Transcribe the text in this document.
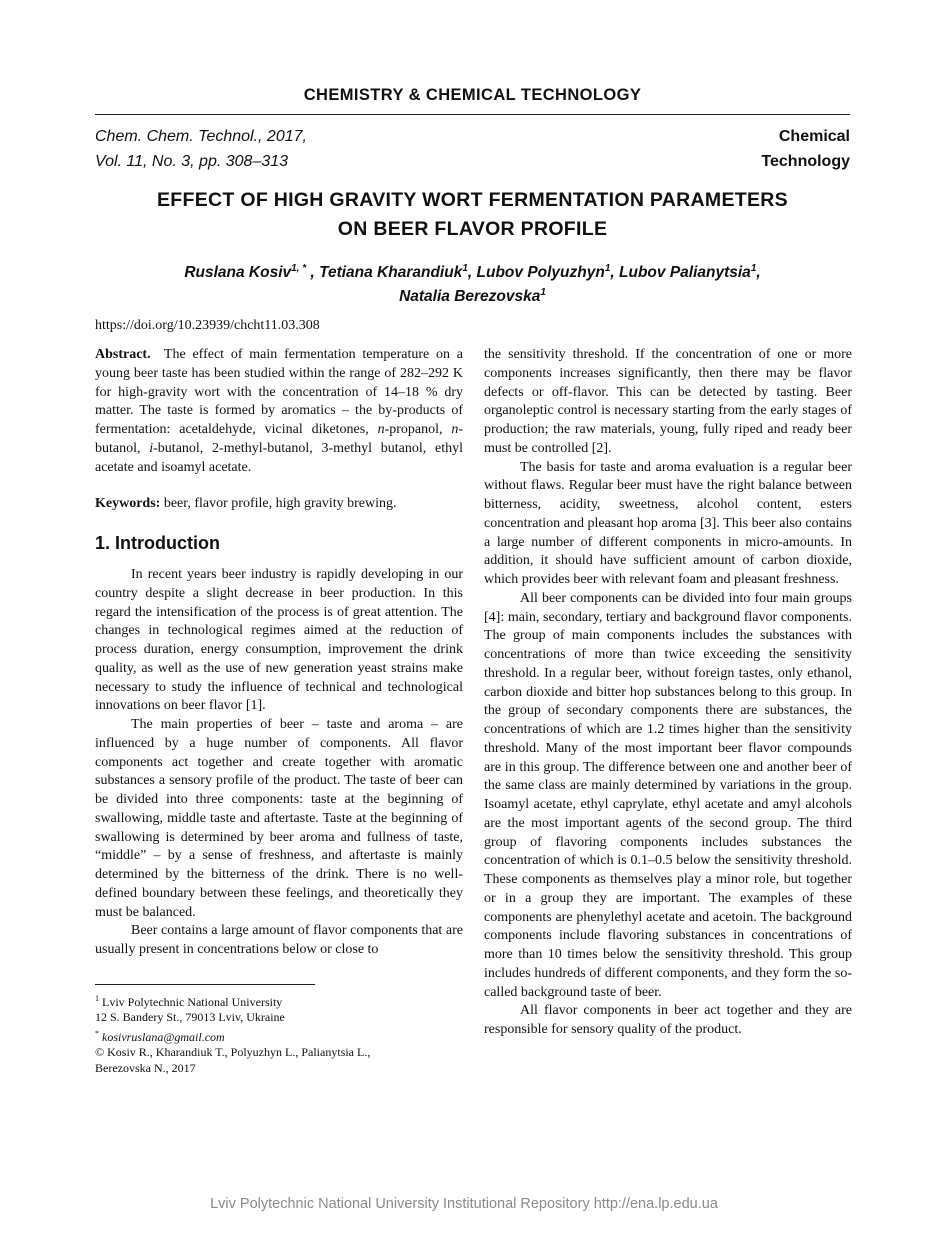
CHEMISTRY & CHEMICAL TECHNOLOGY
Chem. Chem. Technol., 2017,
Vol. 11, No. 3, pp. 308–313
Chemical
Technology
EFFECT OF HIGH GRAVITY WORT FERMENTATION PARAMETERS
ON BEER FLAVOR PROFILE
Ruslana Kosiv$^{1, *}$ , Tetiana Kharandiuk$^1$, Lubov Polyuzhyn$^1$, Lubov Palianytsia$^1$,
Natalia Berezovska$^1$
https://doi.org/10.23939/chcht11.03.308

Abstract. The effect of main fermentation temperature on a young beer taste has been studied within the range of 282–292 K for high-gravity wort with the concentration of 14–18 % dry matter. The taste is formed by aromatics – the by-products of fermentation: acetaldehyde, vicinal diketones, n-propanol, n-butanol, i-butanol, 2-methyl-butanol, 3-methyl butanol, ethyl acetate and isoamyl acetate.

Keywords: beer, flavor profile, high gravity brewing.

1. Introduction

In recent years beer industry is rapidly developing in our country despite a slight decrease in beer production. In this regard the intensification of the process is of great attention. The changes in technological regimes aimed at the reduction of process duration, energy consumption, improvement the drink quality, as well as the use of new generation yeast strains make necessary to study the influence of technical and technological innovations on beer flavor [1].

The main properties of beer – taste and aroma – are influenced by a huge number of components. All flavor components act together and create together with aromatic substances a sensory profile of the product. The taste of beer can be divided into three components: taste at the beginning of swallowing, middle taste and aftertaste. Taste at the beginning of swallowing is determined by beer aroma and fullness of taste, “middle” – by a sense of freshness, and aftertaste is mainly determined by the bitterness of the drink. There is no well-defined boundary between these feelings, and theoretically they must be balanced.

Beer contains a large amount of flavor components that are usually present in concentrations below or close to

$^1$ Lviv Polytechnic National University
12 S. Bandery St., 79013 Lviv, Ukraine
* kosivruslana@gmail.com
© Kosiv R., Kharandiuk T., Polyuzhyn L., Palianytsia L.,
Berezovska N., 2017

the sensitivity threshold. If the concentration of one or more components increases significantly, then there may be flavor defects or off-flavor. This can be detected by tasting. Beer organoleptic control is necessary starting from the early stages of production; the raw materials, young, fully riped and ready beer must be controlled [2].

The basis for taste and aroma evaluation is a regular beer without flaws. Regular beer must have the right balance between bitterness, acidity, sweetness, alcohol content, esters concentration and pleasant hop aroma [3]. This beer also contains a large number of different components in micro-amounts. In addition, it should have sufficient amount of carbon dioxide, which provides beer with relevant foam and pleasant freshness.

All beer components can be divided into four main groups [4]: main, secondary, tertiary and background flavor components. The group of main components includes the substances with concentrations of more than twice exceeding the sensitivity threshold. In a regular beer, without foreign tastes, only ethanol, carbon dioxide and bitter hop substances belong to this group. In the group of secondary components there are substances, the concentrations of which are 1.2 times higher than the sensitivity threshold. Many of the most important beer flavor compounds are in this group. The difference between one and another beer of the same class are mainly determined by variations in the group. Isoamyl acetate, ethyl caprylate, ethyl acetate and amyl alcohols are the most important agents of the second group. The third group of flavoring components includes substances the concentration of which is 0.1–0.5 below the sensitivity threshold. These components as themselves play a minor role, but together or in a group they are important. The examples of these components are phenylethyl acetate and acetoin. The background components include flavoring substances in concentrations of more than 10 times below the sensitivity threshold. This group includes hundreds of different components, and they form the so-called background taste of beer.

All flavor components in beer act together and they are responsible for sensory quality of the product.

Lviv Polytechnic National University Institutional Repository http://ena.lp.edu.ua
